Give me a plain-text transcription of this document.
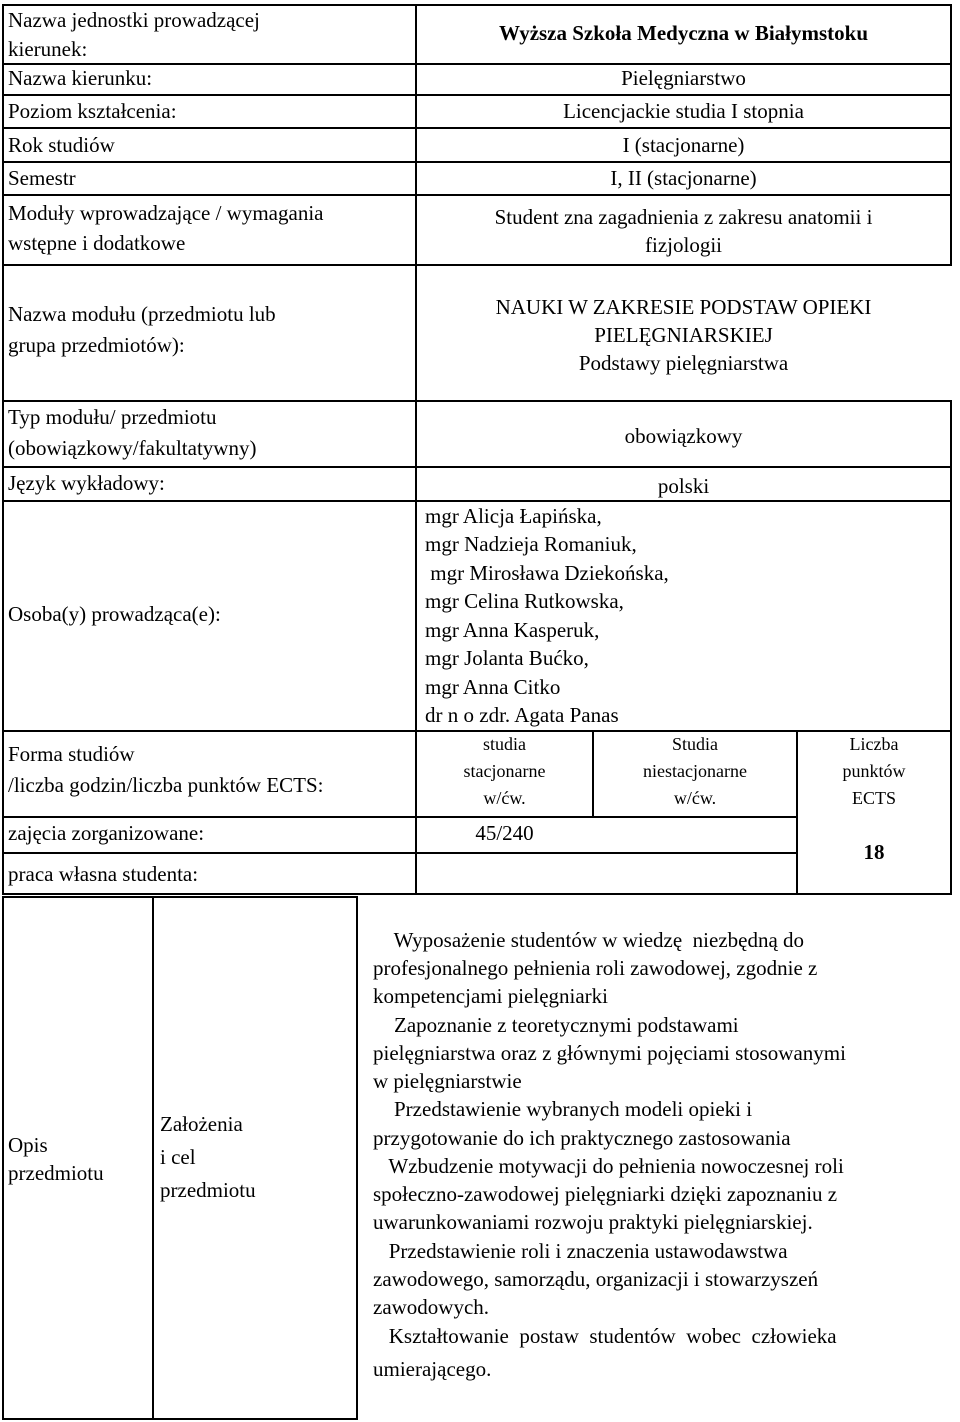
Nazwa jednostki prowadzącej
kierunek:
Nazwa kierunku:
Poziom kształcenia:
Rok studiów
Semestr
Moduły wprowadzające / wymagania
wstępne i dodatkowe
Nazwa modułu (przedmiotu lub
grupa przedmiotów):
Typ modułu/ przedmiotu
(obowiązkowy/fakultatywny)
Język wykładowy:
Osoba(y) prowadząca(e):
Forma studiów
/liczba godzin/liczba punktów ECTS:
zajęcia zorganizowane:
praca własna studenta:
Wyższa Szkoła Medyczna w Białymstoku
Pielęgniarstwo
Licencjackie studia I stopnia
I (stacjonarne)
I, II (stacjonarne)
Student zna zagadnienia z zakresu anatomii i
fizjologii
NAUKI W ZAKRESIE PODSTAW OPIEKI
PIELĘGNIARSKIEJ
Podstawy pielęgniarstwa
obowiązkowy
polski
mgr Alicja Łapińska,
mgr Nadzieja Romaniuk,
mgr Mirosława Dziekońska,
mgr Celina Rutkowska,
mgr Anna Kasperuk,
mgr Jolanta Bućko,
mgr Anna Citko
dr n o zdr. Agata Panas
studia
stacjonarne
w/ćw.
Studia
niestacjonarne
w/ćw.
Liczba
punktów
ECTS
45/240
18
Opis
przedmiotu
Założenia
i cel
przedmiotu
Wyposażenie studentów w wiedzę  niezbędną do
profesjonalnego pełnienia roli zawodowej, zgodnie z
kompetencjami pielęgniarki
Zapoznanie z teoretycznymi podstawami
pielęgniarstwa oraz z głównymi pojęciami stosowanymi
w pielęgniarstwie
Przedstawienie wybranych modeli opieki i
przygotowanie do ich praktycznego zastosowania
Wzbudzenie motywacji do pełnienia nowoczesnej roli
społeczno-zawodowej pielęgniarki dzięki zapoznaniu z
uwarunkowaniami rozwoju praktyki pielęgniarskiej.
Przedstawienie roli i znaczenia ustawodawstwa
zawodowego, samorządu, organizacji i stowarzyszeń
zawodowych.
Kształtowanie  postaw  studentów  wobec  człowieka
umierającego.
